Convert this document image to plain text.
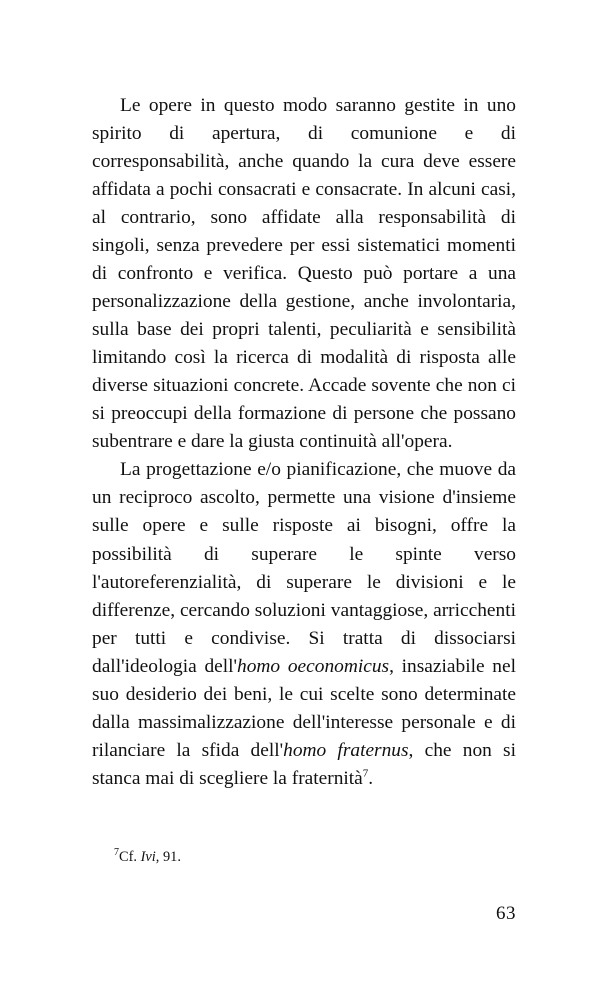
Le opere in questo modo saranno gestite in uno spirito di apertura, di comunione e di corresponsabilità, anche quando la cura deve essere affidata a pochi consacrati e consacrate. In alcuni casi, al contrario, sono affidate alla responsabilità di singoli, senza prevedere per essi sistematici momenti di confronto e verifica. Questo può portare a una personalizzazione della gestione, anche involontaria, sulla base dei propri talenti, peculiarità e sensibilità limitando così la ricerca di modalità di risposta alle diverse situazioni concrete. Accade sovente che non ci si preoccupi della formazione di persone che possano subentrare e dare la giusta continuità all'opera.

La progettazione e/o pianificazione, che muove da un reciproco ascolto, permette una visione d'insieme sulle opere e sulle risposte ai bisogni, offre la possibilità di superare le spinte verso l'autoreferenzialità, di superare le divisioni e le differenze, cercando soluzioni vantaggiose, arricchenti per tutti e condivise. Si tratta di dissociarsi dall'ideologia dell'homo oeconomicus, insaziabile nel suo desiderio dei beni, le cui scelte sono determinate dalla massimalizzazione dell'interesse personale e di rilanciare la sfida dell'homo fraternus, che non si stanca mai di scegliere la fraternità$^7$.

$^7$Cf. Ivi, 91.
63
